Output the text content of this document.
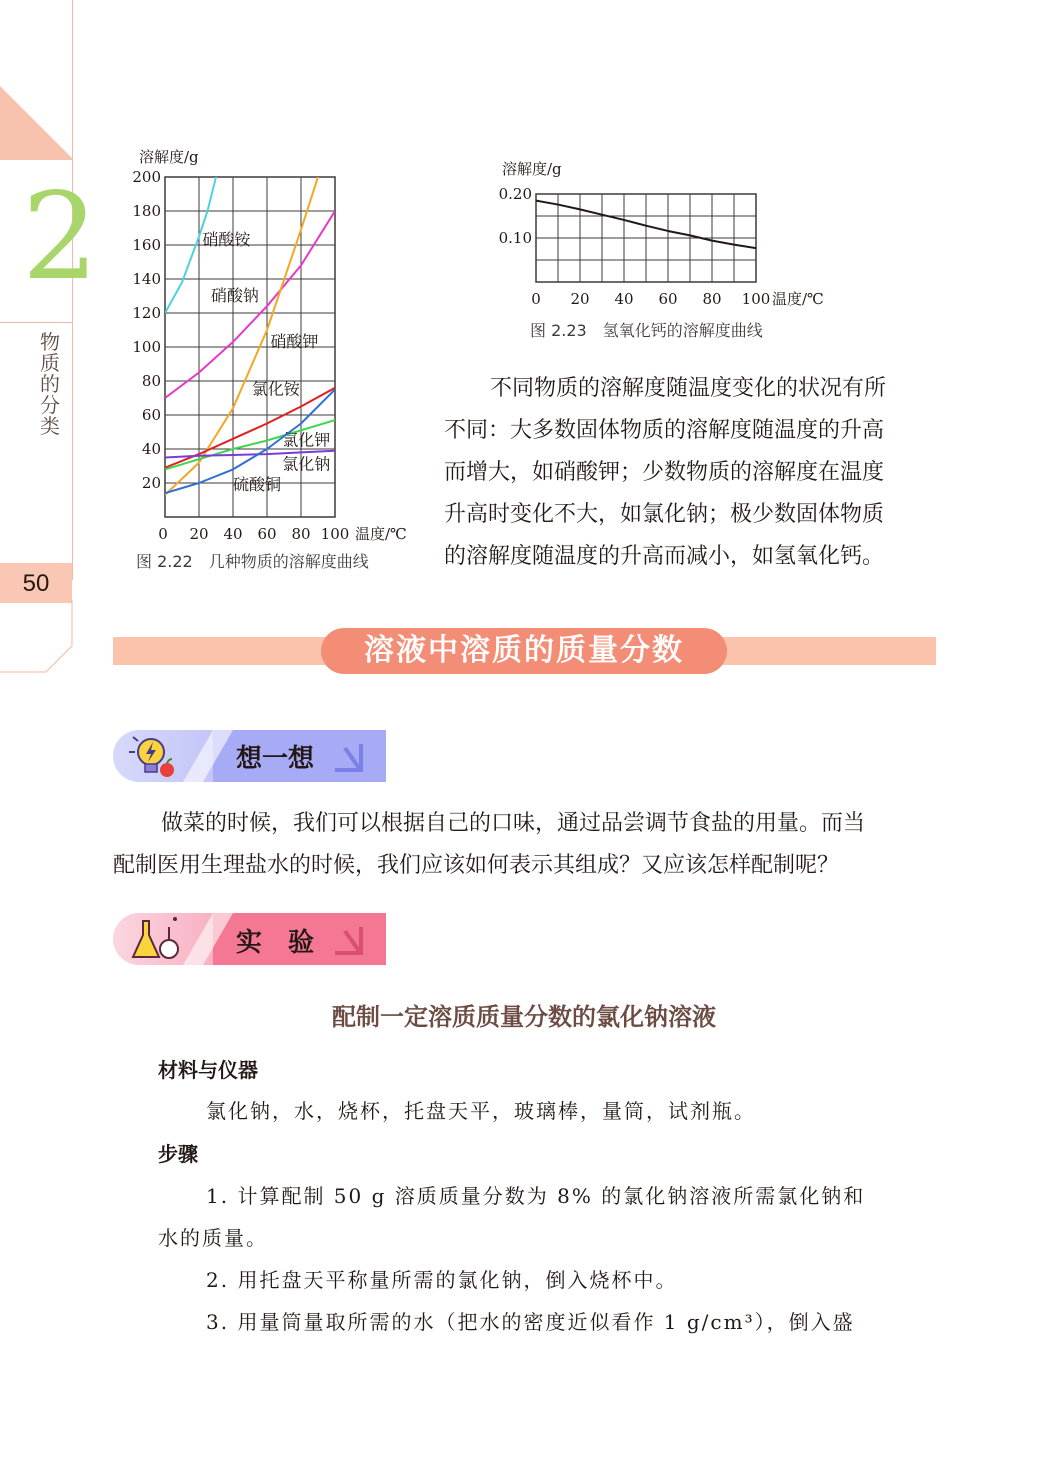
2
物质的分类
50
20 40 60 80 100
20
40
60
80
100
120
140
160
180
200
0	温度/℃
溶解度/g
硝酸铵
硝酸钠
硝酸钾
氯化铵
氯化钾
氯化钠
硫酸铜
图 2.22　几种物质的溶解度曲线
20 40 60 80 100
0.10
0.20
0	温度/℃
溶解度/g
图 2.23　氢氧化钙的溶解度曲线
不同物质的溶解度随温度变化的状况有所
不同：大多数固体物质的溶解度随温度的升高
而增大，如硝酸钾；少数物质的溶解度在温度
升高时变化不大，如氯化钠；极少数固体物质
的溶解度随温度的升高而减小，如氢氧化钙。
溶液中溶质的质量分数
想一想
做菜的时候，我们可以根据自己的口味，通过品尝调节食盐的用量。而当
配制医用生理盐水的时候，我们应该如何表示其组成？又应该怎样配制呢？
实　验
配制一定溶质质量分数的氯化钠溶液
材料与仪器
氯化钠，水，烧杯，托盘天平，玻璃棒，量筒，试剂瓶。
步骤
1. 计算配制 50 g 溶质质量分数为 8% 的氯化钠溶液所需氯化钠和
水的质量。
2. 用托盘天平称量所需的氯化钠，倒入烧杯中。
3. 用量筒量取所需的水（把水的密度近似看作 1 g/cm³），倒入盛
